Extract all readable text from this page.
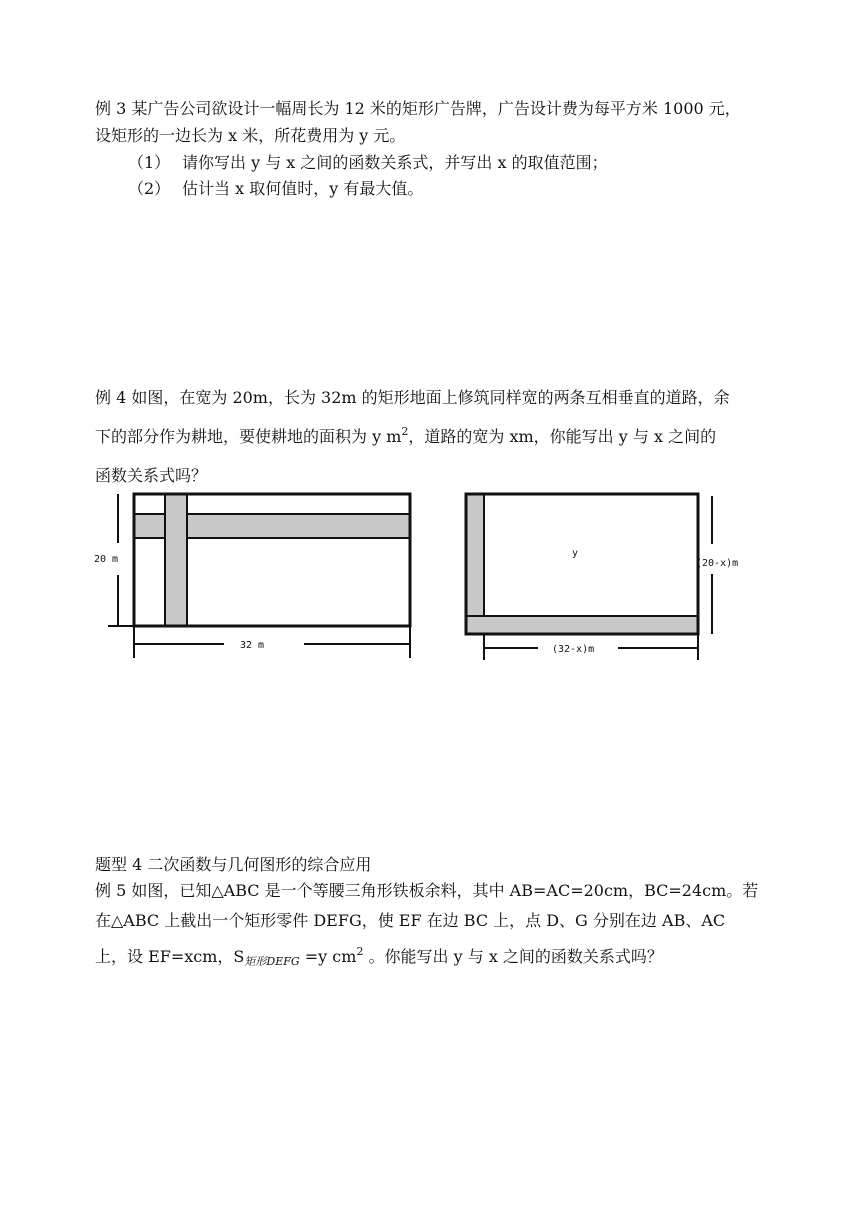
例 3 某广告公司欲设计一幅周长为 12 米的矩形广告牌，广告设计费为每平方米 1000 元，
设矩形的一边长为 x 米，所花费用为 y 元。
（1） 请你写出 y 与 x 之间的函数关系式，并写出 x 的取值范围；
（2） 估计当 x 取何值时，y 有最大值。
例 4 如图，在宽为 20m，长为 32m 的矩形地面上修筑同样宽的两条互相垂直的道路，余
下的部分作为耕地，要使耕地的面积为 y $m^2$，道路的宽为 xm，你能写出 y 与 x 之间的
函数关系式吗？
20 m
32 m
y
(20-x)m
(32-x)m
题型 4 二次函数与几何图形的综合应用
例 5 如图，已知△ABC 是一个等腰三角形铁板余料，其中 AB=AC=20cm，BC=24cm。若
在△ABC 上截出一个矩形零件 DEFG，使 EF 在边 BC 上，点 D、G 分别在边 AB、AC
上，设 EF=xcm，$S_{矩形DEFG} =y$ $cm^2$ 。你能写出 y 与 x 之间的函数关系式吗？
